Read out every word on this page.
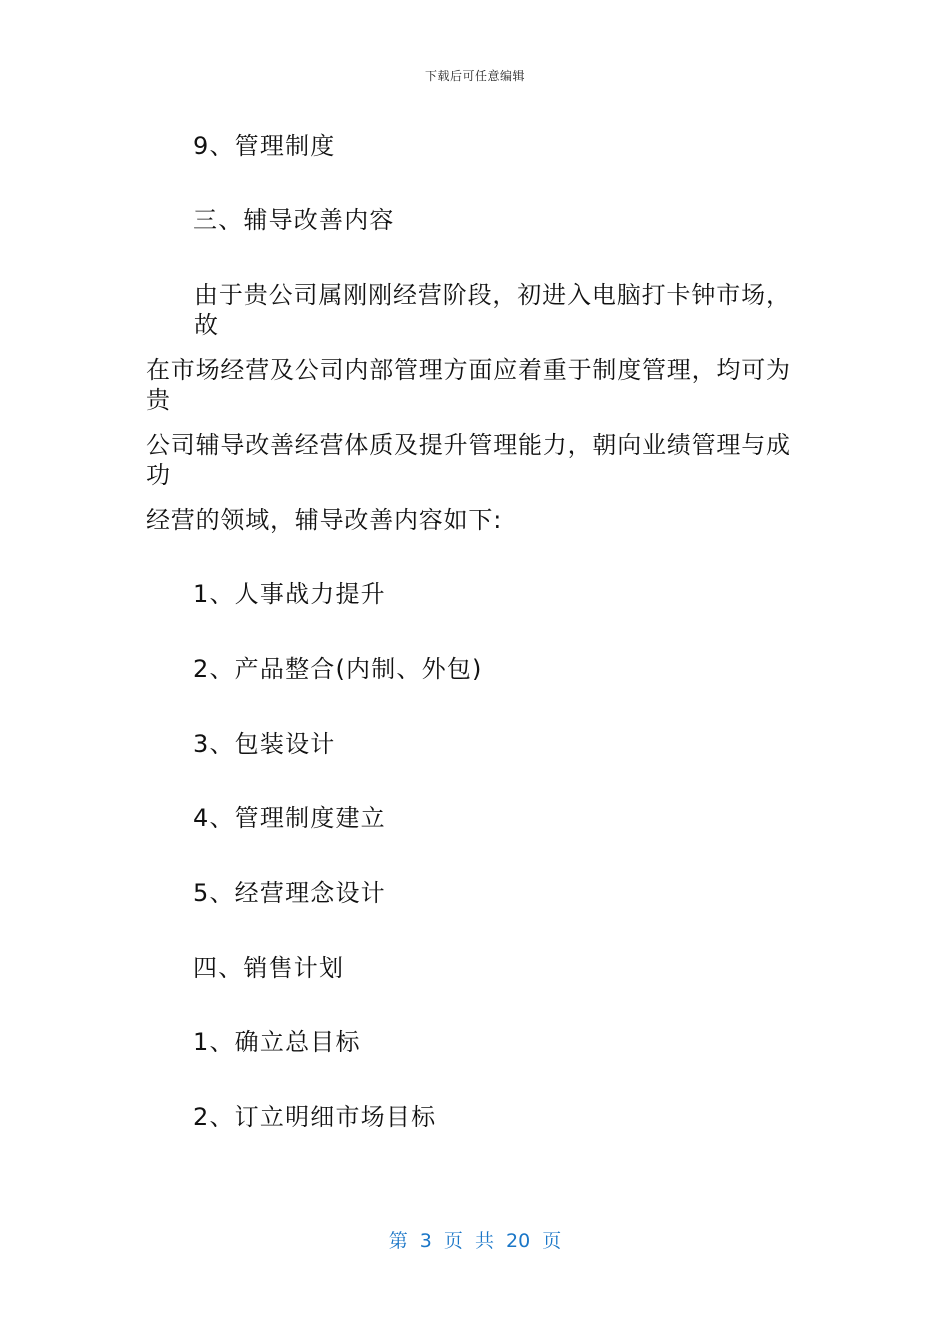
下载后可任意编辑
9、管理制度
三、辅导改善内容
由于贵公司属刚刚经营阶段，初进入电脑打卡钟市场，故
在市场经营及公司内部管理方面应着重于制度管理，均可为贵
公司辅导改善经营体质及提升管理能力，朝向业绩管理与成功
经营的领域，辅导改善内容如下:
1、人事战力提升
2、产品整合(内制、外包)
3、包装设计
4、管理制度建立
5、经营理念设计
四、销售计划
1、确立总目标
2、订立明细市场目标
第 3 页 共 20 页
